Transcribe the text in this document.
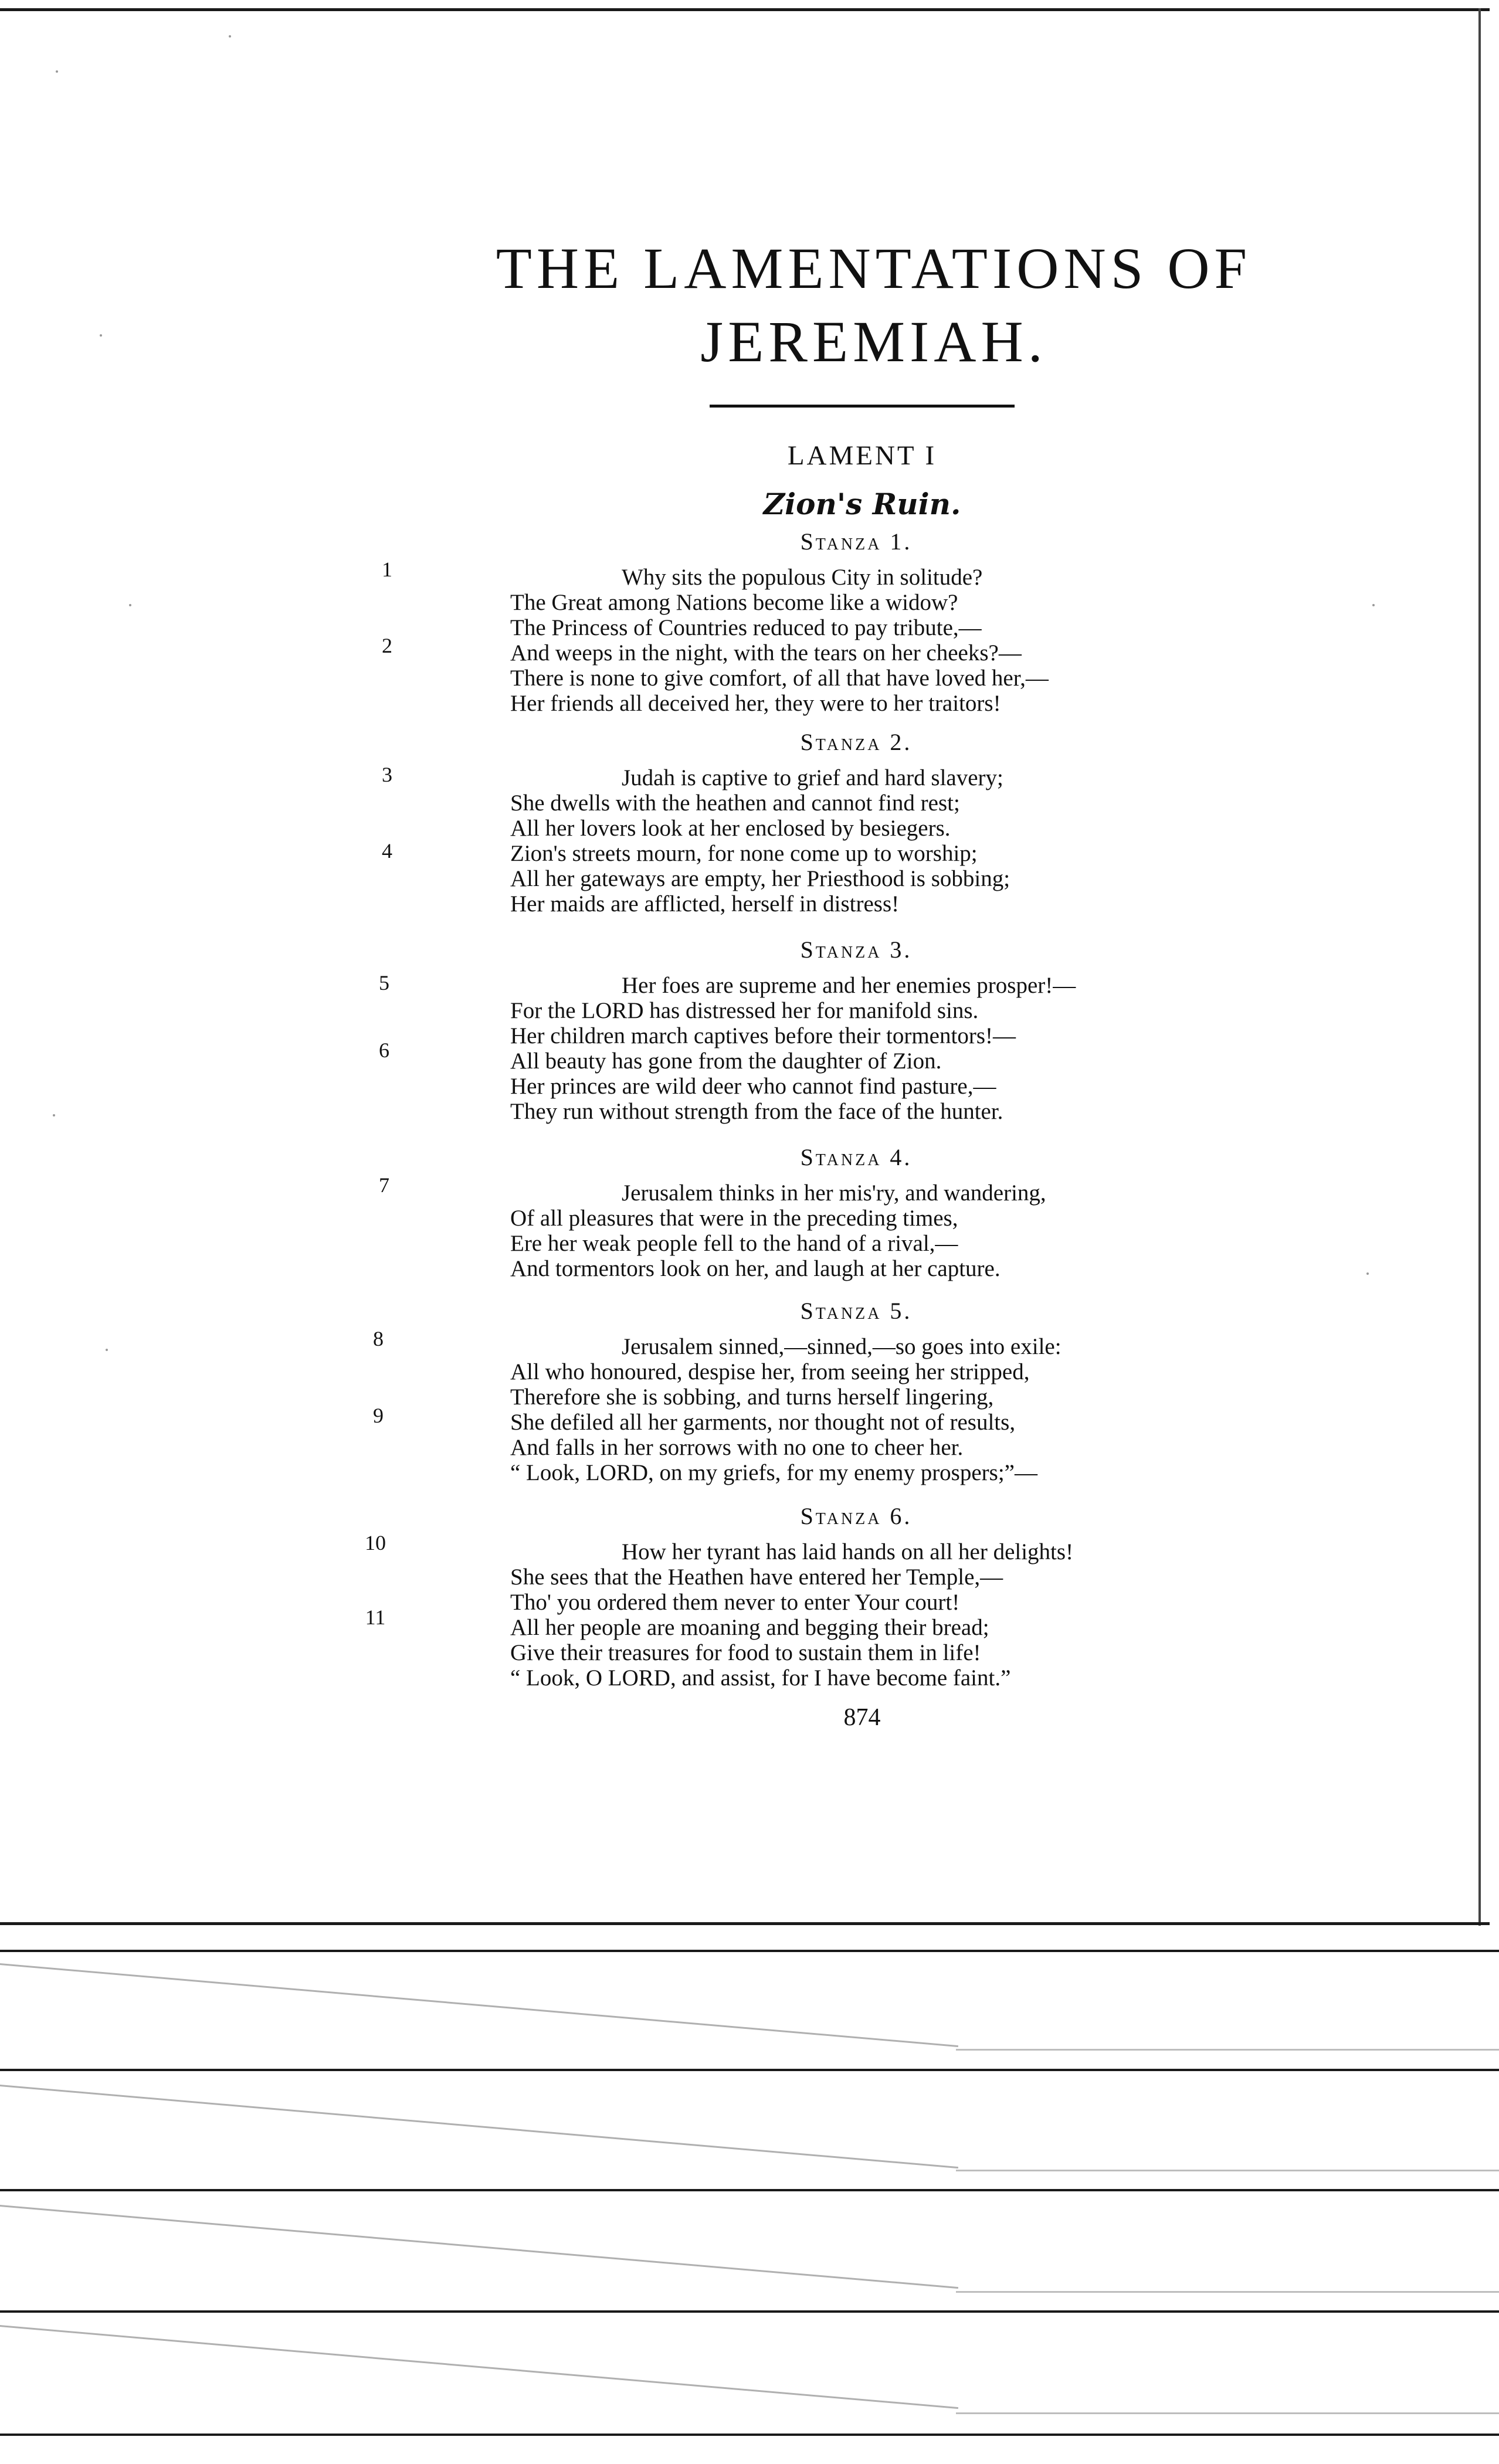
THE LAMENTATIONS OF JEREMIAH.
LAMENT I
Zion's Ruin.
Stanza 1.
Why sits the populous City in solitude?
The Great among Nations become like a widow?
The Princess of Countries reduced to pay tribute,—
And weeps in the night, with the tears on her cheeks?—
There is none to give comfort, of all that have loved her,—
Her friends all deceived her, they were to her traitors!
Stanza 2.
Judah is captive to grief and hard slavery;
She dwells with the heathen and cannot find rest;
All her lovers look at her enclosed by besiegers.
Zion's streets mourn, for none come up to worship;
All her gateways are empty, her Priesthood is sobbing;
Her maids are afflicted, herself in distress!
Stanza 3.
Her foes are supreme and her enemies prosper!—
For the LORD has distressed her for manifold sins.
Her children march captives before their tormentors!—
All beauty has gone from the daughter of Zion.
Her princes are wild deer who cannot find pasture,—
They run without strength from the face of the hunter.
Stanza 4.
Jerusalem thinks in her mis'ry, and wandering,
Of all pleasures that were in the preceding times,
Ere her weak people fell to the hand of a rival,—
And tormentors look on her, and laugh at her capture.
Stanza 5.
Jerusalem sinned,—sinned,—so goes into exile:
All who honoured, despise her, from seeing her stripped,
Therefore she is sobbing, and turns herself lingering,
She defiled all her garments, nor thought not of results,
And falls in her sorrows with no one to cheer her.
“ Look, LORD, on my griefs, for my enemy prospers;”—
Stanza 6.
How her tyrant has laid hands on all her delights!
She sees that the Heathen have entered her Temple,—
Tho' you ordered them never to enter Your court!
All her people are moaning and begging their bread;
Give their treasures for food to sustain them in life!
“ Look, O LORD, and assist, for I have become faint.”
1
2
3
4
5
6
7
8
9
10
11
874
